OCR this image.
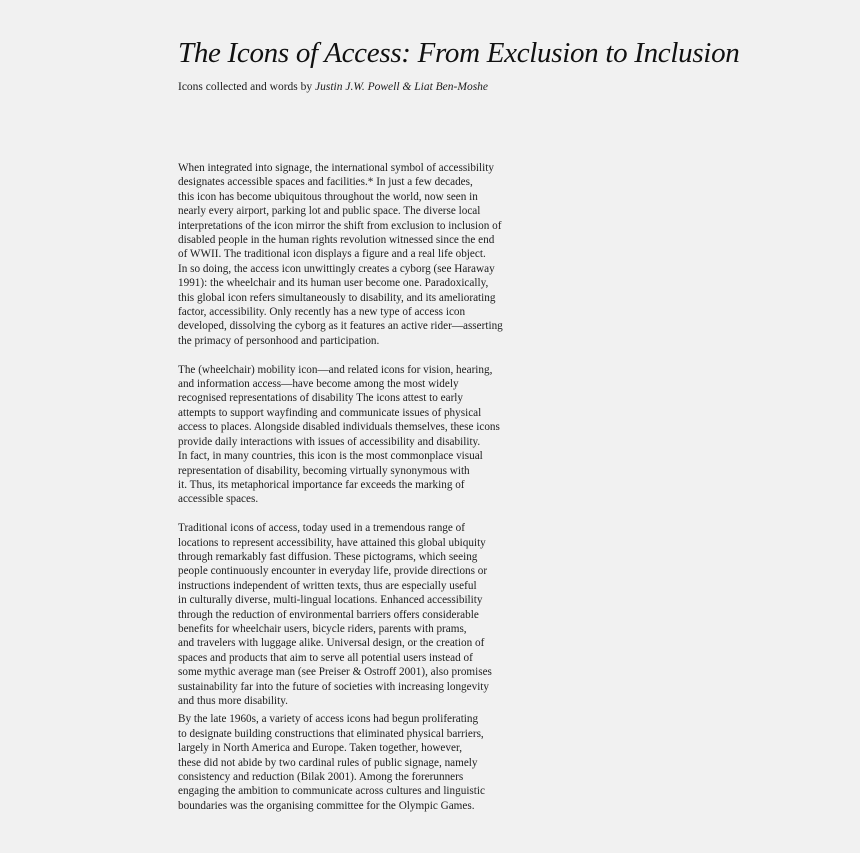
The Icons of Access: From Exclusion to Inclusion
Icons collected and words by Justin J.W. Powell & Liat Ben-Moshe

When integrated into signage, the international symbol of accessibility
designates accessible spaces and facilities.* In just a few decades,
this icon has become ubiquitous throughout the world, now seen in
nearly every airport, parking lot and public space. The diverse local
interpretations of the icon mirror the shift from exclusion to inclusion of
disabled people in the human rights revolution witnessed since the end
of WWII. The traditional icon displays a figure and a real life object.
In so doing, the access icon unwittingly creates a cyborg (see Haraway
1991): the wheelchair and its human user become one. Paradoxically,
this global icon refers simultaneously to disability, and its ameliorating
factor, accessibility. Only recently has a new type of access icon
developed, dissolving the cyborg as it features an active rider—asserting
the primacy of personhood and participation.

The (wheelchair) mobility icon—and related icons for vision, hearing,
and information access—have become among the most widely
recognised representations of disability The icons attest to early
attempts to support wayfinding and communicate issues of physical
access to places. Alongside disabled individuals themselves, these icons
provide daily interactions with issues of accessibility and disability.
In fact, in many countries, this icon is the most commonplace visual
representation of disability, becoming virtually synonymous with
it. Thus, its metaphorical importance far exceeds the marking of
accessible spaces.

Traditional icons of access, today used in a tremendous range of
locations to represent accessibility, have attained this global ubiquity
through remarkably fast diffusion. These pictograms, which seeing
people continuously encounter in everyday life, provide directions or
instructions independent of written texts, thus are especially useful
in culturally diverse, multi-lingual locations. Enhanced accessibility
through the reduction of environmental barriers offers considerable
benefits for wheelchair users, bicycle riders, parents with prams,
and travelers with luggage alike. Universal design, or the creation of
spaces and products that aim to serve all potential users instead of
some mythic average man (see Preiser & Ostroff 2001), also promises
sustainability far into the future of societies with increasing longevity
and thus more disability.

By the late 1960s, a variety of access icons had begun proliferating
to designate building constructions that eliminated physical barriers,
largely in North America and Europe. Taken together, however,
these did not abide by two cardinal rules of public signage, namely
consistency and reduction (Bilak 2001). Among the forerunners
engaging the ambition to communicate across cultures and linguistic
boundaries was the organising committee for the Olympic Games.
